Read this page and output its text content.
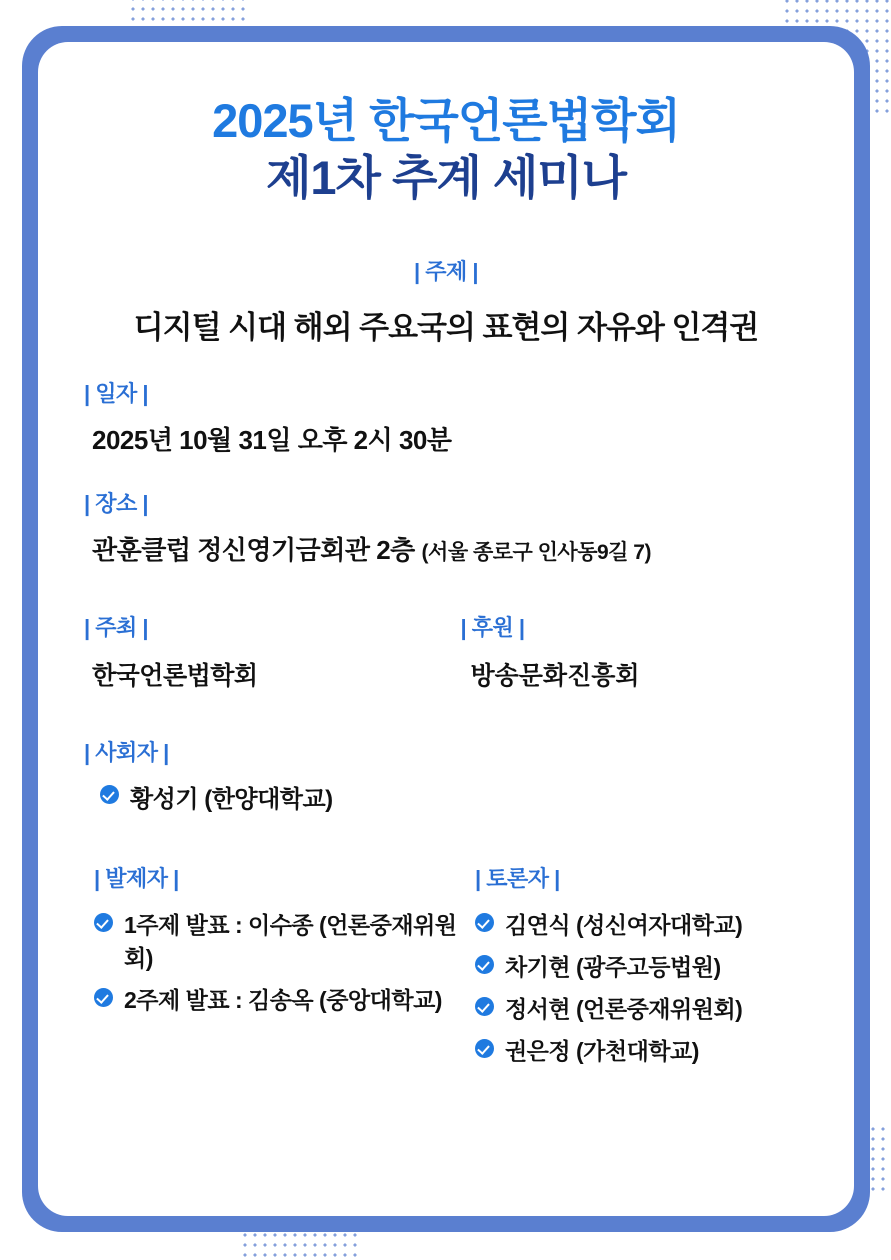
2025년 한국언론법학회
제1차 추계 세미나
| 주제 |
디지털 시대 해외 주요국의 표현의 자유와 인격권
| 일자 |
2025년 10월 31일 오후 2시 30분
| 장소 |
관훈클럽 정신영기금회관 2층 (서울 종로구 인사동9길 7)
| 주최 |
한국언론법학회
| 후원 |
방송문화진흥회
| 사회자 |
황성기 (한양대학교)
| 발제자 |
1주제 발표 : 이수종 (언론중재위원회)
2주제 발표 : 김송옥 (중앙대학교)
| 토론자 |
김연식 (성신여자대학교)
차기현 (광주고등법원)
정서현 (언론중재위원회)
권은정 (가천대학교)
